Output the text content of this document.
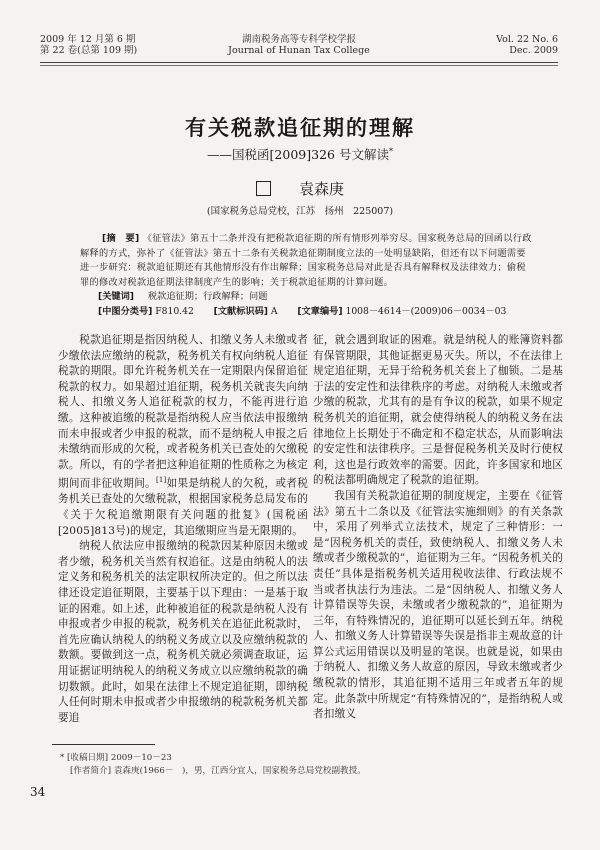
2009 年 12 月第 6 期
第 22 卷(总第 109 期)
湖南税务高等专科学校学报
Journal of Hunan Tax College
Vol. 22 No. 6
Dec. 2009
有关税款追征期的理解
——国税函[2009]326 号文解读*
袁森庚
(国家税务总局党校，江苏　扬州　225007)
[摘　要] 《征管法》第五十二条并没有把税款追征期的所有情形列举穷尽。国家税务总局的回函以行政解释的方式，弥补了《征管法》第五十二条有关税款追征期制度立法的一处明显缺陷，但还有以下问题需要进一步研究：税款追征期还有其他情形没有作出解释；国家税务总局对此是否具有解释权及法律效力；偷税罪的修改对税款追征期法律制度产生的影响；关于税款追征期的计算问题。
[关键词] 税款追征期；行政解释；问题
[中图分类号] F810.42 [文献标识码] A [文章编号] 1008－4614－(2009)06－0034－03

税款追征期是指因纳税人、扣缴义务人未缴或者少缴依法应缴纳的税款，税务机关有权向纳税人追征税款的期限。即允许税务机关在一定期限内保留追征税款的权力。如果超过追征期，税务机关就丧失向纳税人、扣缴义务人追征税款的权力，不能再进行追缴。这种被追缴的税款是指纳税人应当依法申报缴纳而未申报或者少申报的税款，而不是纳税人申报之后未缴纳而形成的欠税，或者税务机关已查处的欠缴税款。所以，有的学者把这种追征期的性质称之为核定期间而非征收期间。[1]如果是纳税人的欠税，或者税务机关已查处的欠缴税款，根据国家税务总局发布的《关于欠税追缴期限有关问题的批复》(国税函[2005]813号)的规定，其追缴期应当是无限期的。

纳税人依法应申报缴纳的税款因某种原因未缴或者少缴，税务机关当然有权追征。这是由纳税人的法定义务和税务机关的法定职权所决定的。但之所以法律还设定追征期限，主要基于以下理由：一是基于取证的困难。如上述，此种被追征的税款是纳税人没有申报或者少申报的税款，税务机关在追征此税款时，首先应确认纳税人的纳税义务成立以及应缴纳税款的数额。要做到这一点，税务机关就必须调查取证，运用证据证明纳税人的纳税义务成立以应缴纳税款的确切数额。此时，如果在法律上不规定追征期，即纳税人任何时期未申报或者少申报缴纳的税款税务机关都要追

征，就会遇到取证的困难。就是纳税人的账簿资料都有保管期限，其他证据更易灭失。所以，不在法律上规定追征期，无异于给税务机关套上了枷锁。二是基于法的安定性和法律秩序的考虑。对纳税人未缴或者少缴的税款，尤其有的是有争议的税款，如果不规定税务机关的追征期，就会使得纳税人的纳税义务在法律地位上长期处于不确定和不稳定状态，从而影响法的安定性和法律秩序。三是督促税务机关及时行使权利，这也是行政效率的需要。因此，许多国家和地区的税法都明确规定了税款的追征期。

我国有关税款追征期的制度规定，主要在《征管法》第五十二条以及《征管法实施细则》的有关条款中，采用了列举式立法技术，规定了三种情形：一是“因税务机关的责任，致使纳税人、扣缴义务人未缴或者少缴税款的”，追征期为三年。“因税务机关的责任”具体是指税务机关适用税收法律、行政法规不当或者执法行为违法。二是“因纳税人、扣缴义务人计算错误等失误，未缴或者少缴税款的”，追征期为三年，有特殊情况的，追征期可以延长到五年。纳税人、扣缴义务人计算错误等失误是指非主观故意的计算公式运用错误以及明显的笔误。也就是说，如果由于纳税人、扣缴义务人故意的原因，导致未缴或者少缴税款的情形，其追征期不适用三年或者五年的规定。此条款中所规定“有特殊情况的”，是指纳税人或者扣缴义

* [收稿日期] 2009－10－23
[作者简介] 袁森庚(1966－　)，男，江西分宜人，国家税务总局党校副教授。
34
